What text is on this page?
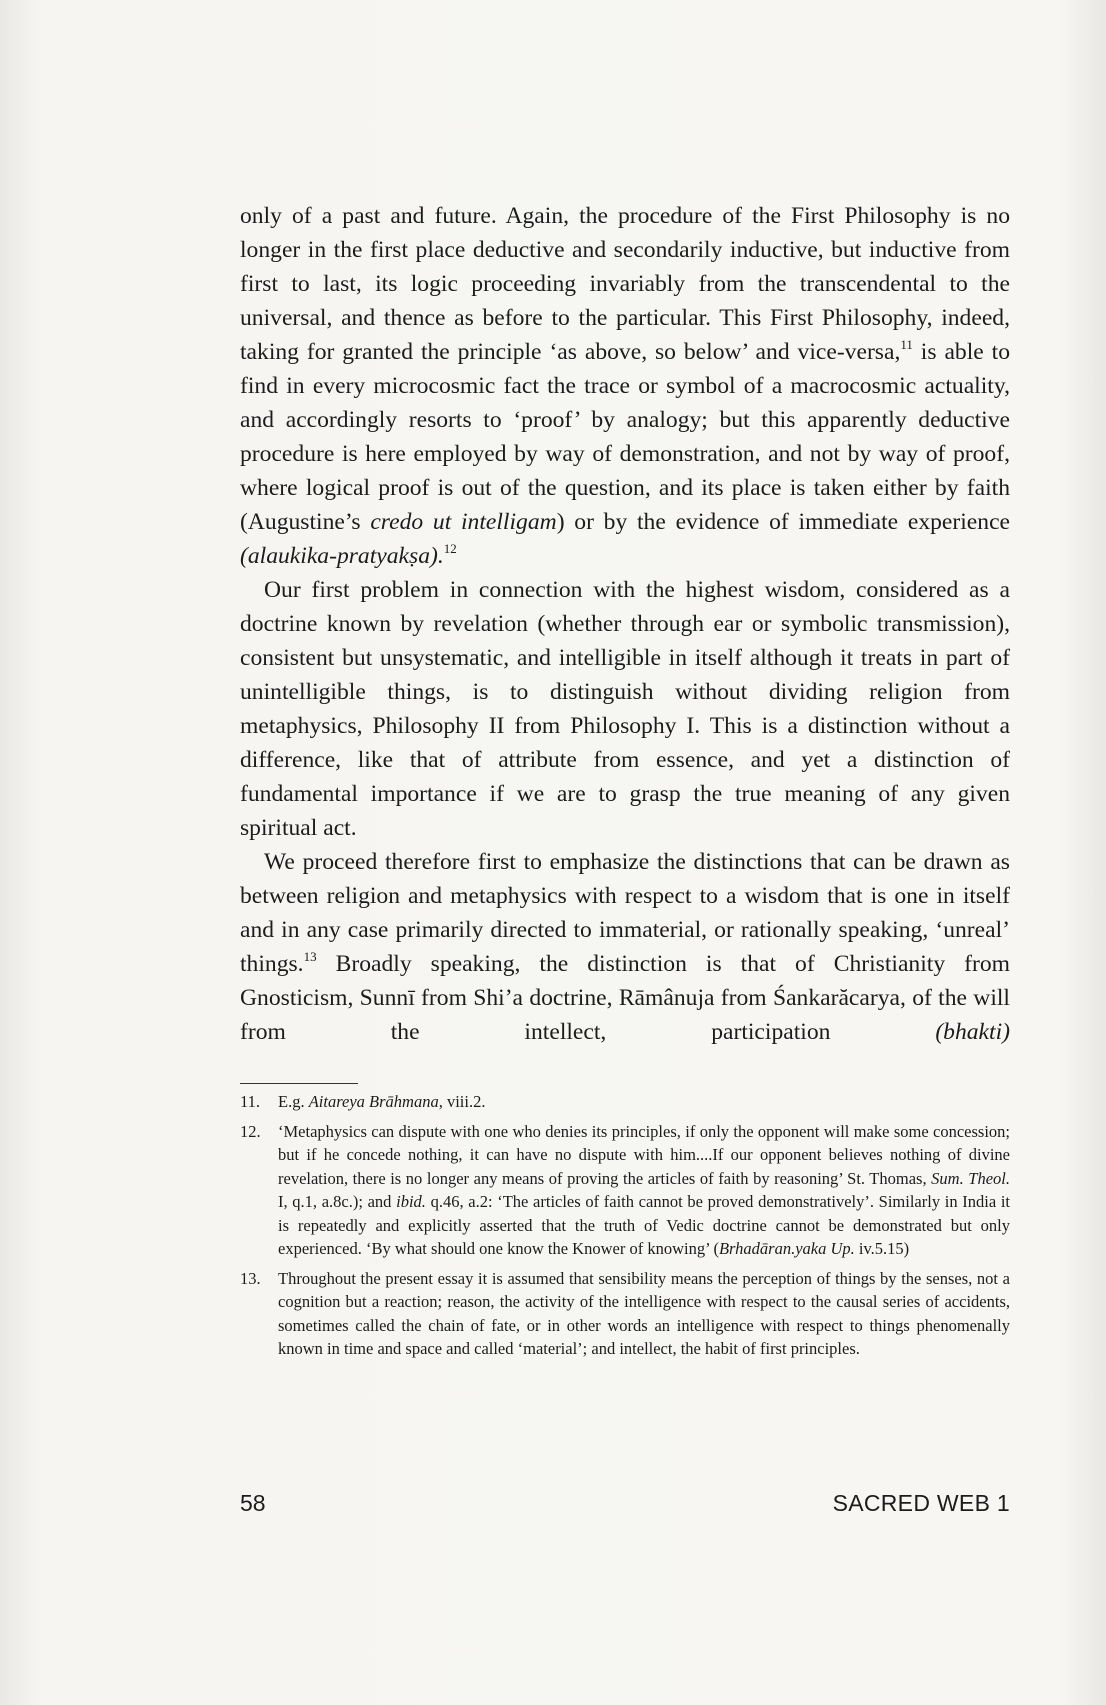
only of a past and future. Again, the procedure of the First Philosophy is no longer in the first place deductive and secondarily inductive, but inductive from first to last, its logic proceeding invariably from the transcendental to the universal, and thence as before to the particular. This First Philosophy, indeed, taking for granted the principle ‘as above, so below’ and vice-versa,$^{11}$ is able to find in every microcosmic fact the trace or symbol of a macrocosmic actuality, and accordingly resorts to ‘proof’ by analogy; but this apparently deductive procedure is here employed by way of demonstration, and not by way of proof, where logical proof is out of the question, and its place is taken either by faith (Augustine’s credo ut intelligam) or by the evidence of immediate experience (alaukika-pratyakṣa).$^{12}$

Our first problem in connection with the highest wisdom, considered as a doctrine known by revelation (whether through ear or symbolic transmission), consistent but unsystematic, and intelligible in itself although it treats in part of unintelligible things, is to distinguish without dividing religion from metaphysics, Philosophy II from Philosophy I. This is a distinction without a difference, like that of attribute from essence, and yet a distinction of fundamental importance if we are to grasp the true meaning of any given spiritual act.

We proceed therefore first to emphasize the distinctions that can be drawn as between religion and metaphysics with respect to a wisdom that is one in itself and in any case primarily directed to immaterial, or rationally speaking, ‘unreal’ things.$^{13}$ Broadly speaking, the distinction is that of Christianity from Gnosticism, Sunnī from Shi’a doctrine, Rāmânuja from Śankarăcarya, of the will from the intellect, participation (bhakti)

11. E.g. Aitareya Brāhmana, viii.2.
12. ‘Metaphysics can dispute with one who denies its principles, if only the opponent will make some concession; but if he concede nothing, it can have no dispute with him....If our opponent believes nothing of divine revelation, there is no longer any means of proving the articles of faith by reasoning’ St. Thomas, Sum. Theol. I, q.1, a.8c.); and ibid. q.46, a.2: ‘The articles of faith cannot be proved demonstratively’. Similarly in India it is repeatedly and explicitly asserted that the truth of Vedic doctrine cannot be demonstrated but only experienced. ‘By what should one know the Knower of knowing’ (Brhadāran.yaka Up. iv.5.15)
13. Throughout the present essay it is assumed that sensibility means the perception of things by the senses, not a cognition but a reaction; reason, the activity of the intelligence with respect to the causal series of accidents, sometimes called the chain of fate, or in other words an intelligence with respect to things phenomenally known in time and space and called ‘material’; and intellect, the habit of first principles.
58	SACRED WEB 1
